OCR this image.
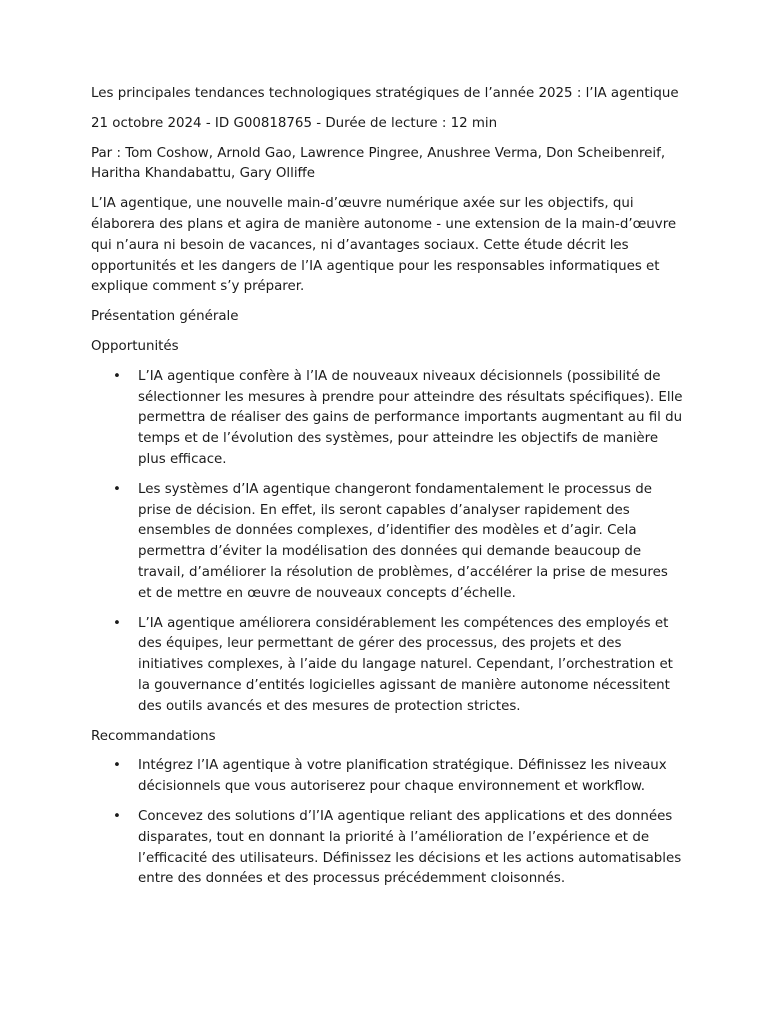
Les principales tendances technologiques stratégiques de l’année 2025 : l’IA agentique

21 octobre 2024 - ID G00818765 - Durée de lecture : 12 min

Par : Tom Coshow, Arnold Gao, Lawrence Pingree, Anushree Verma, Don Scheibenreif, Haritha Khandabattu, Gary Olliffe

L’IA agentique, une nouvelle main-d’œuvre numérique axée sur les objectifs, qui élaborera des plans et agira de manière autonome - une extension de la main-d’œuvre qui n’aura ni besoin de vacances, ni d’avantages sociaux. Cette étude décrit les opportunités et les dangers de l’IA agentique pour les responsables informatiques et explique comment s’y préparer.

Présentation générale

Opportunités

• L’IA agentique confère à l’IA de nouveaux niveaux décisionnels (possibilité de sélectionner les mesures à prendre pour atteindre des résultats spécifiques). Elle permettra de réaliser des gains de performance importants augmentant au fil du temps et de l’évolution des systèmes, pour atteindre les objectifs de manière plus efficace.
• Les systèmes d’IA agentique changeront fondamentalement le processus de prise de décision. En effet, ils seront capables d’analyser rapidement des ensembles de données complexes, d’identifier des modèles et d’agir. Cela permettra d’éviter la modélisation des données qui demande beaucoup de travail, d’améliorer la résolution de problèmes, d’accélérer la prise de mesures et de mettre en œuvre de nouveaux concepts d’échelle.
• L’IA agentique améliorera considérablement les compétences des employés et des équipes, leur permettant de gérer des processus, des projets et des initiatives complexes, à l’aide du langage naturel. Cependant, l’orchestration et la gouvernance d’entités logicielles agissant de manière autonome nécessitent des outils avancés et des mesures de protection strictes.

Recommandations

• Intégrez l’IA agentique à votre planification stratégique. Définissez les niveaux décisionnels que vous autoriserez pour chaque environnement et workflow.
• Concevez des solutions d’l’IA agentique reliant des applications et des données disparates, tout en donnant la priorité à l’amélioration de l’expérience et de l’efficacité des utilisateurs. Définissez les décisions et les actions automatisables entre des données et des processus précédemment cloisonnés.
